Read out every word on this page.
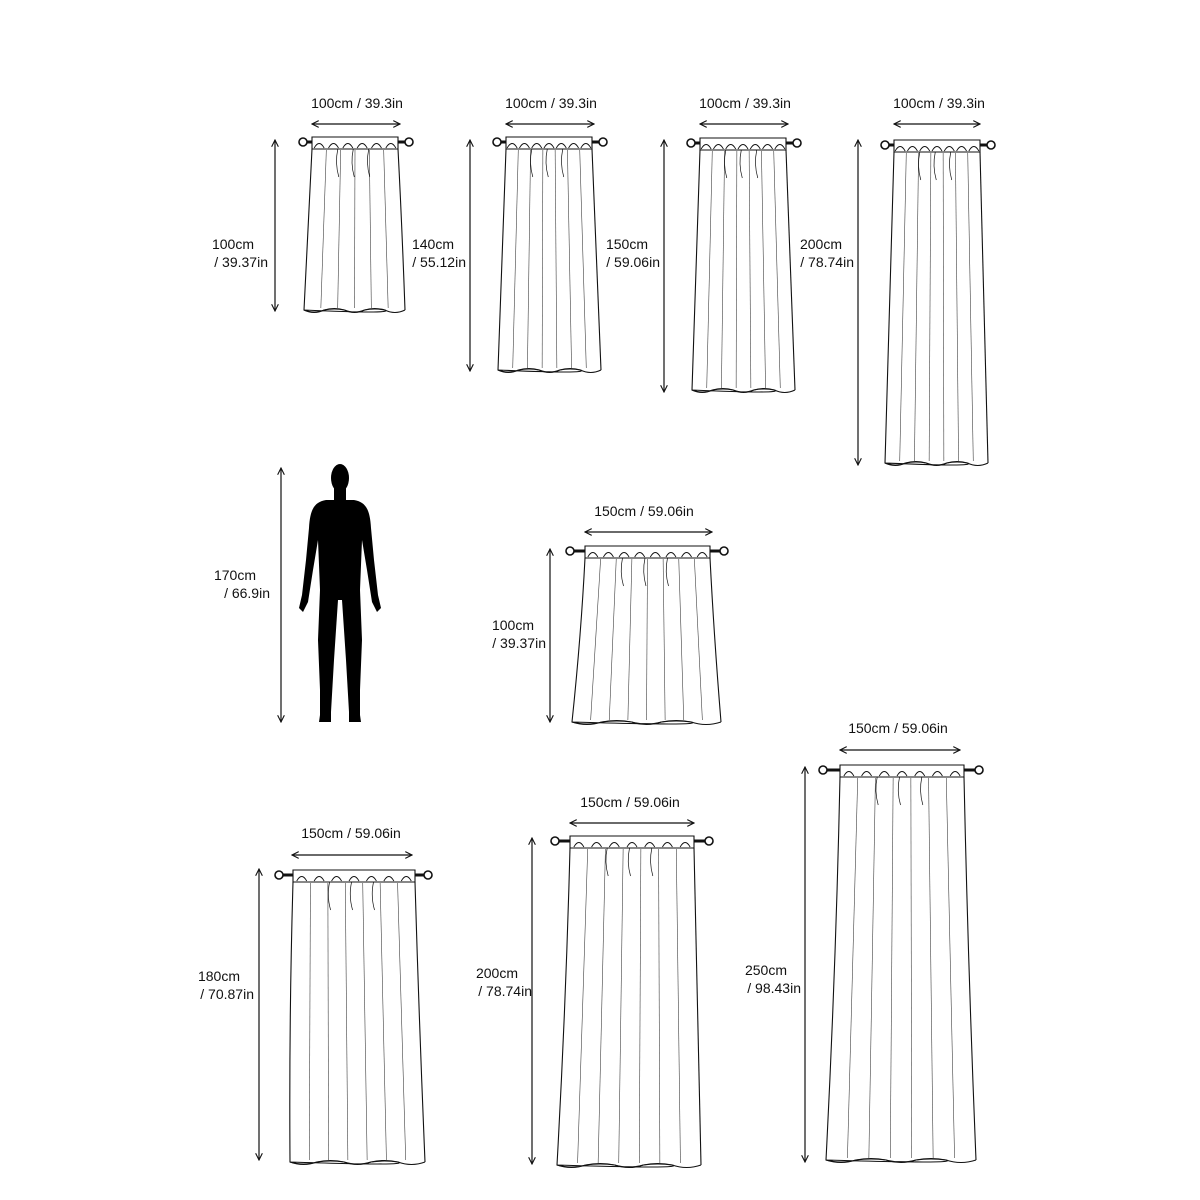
100cm / 39.3in	100cm / 39.3in	100cm / 39.3in	100cm / 39.3in
150cm / 59.06in
150cm / 59.06in
150cm / 59.06in
150cm / 59.06in
100cm
/ 39.37in
140cm
/ 55.12in
150cm
/ 59.06in
200cm
/ 78.74in
170cm
/ 66.9in
100cm
/ 39.37in
180cm
/ 70.87in
200cm
/ 78.74in
250cm
/ 98.43in
